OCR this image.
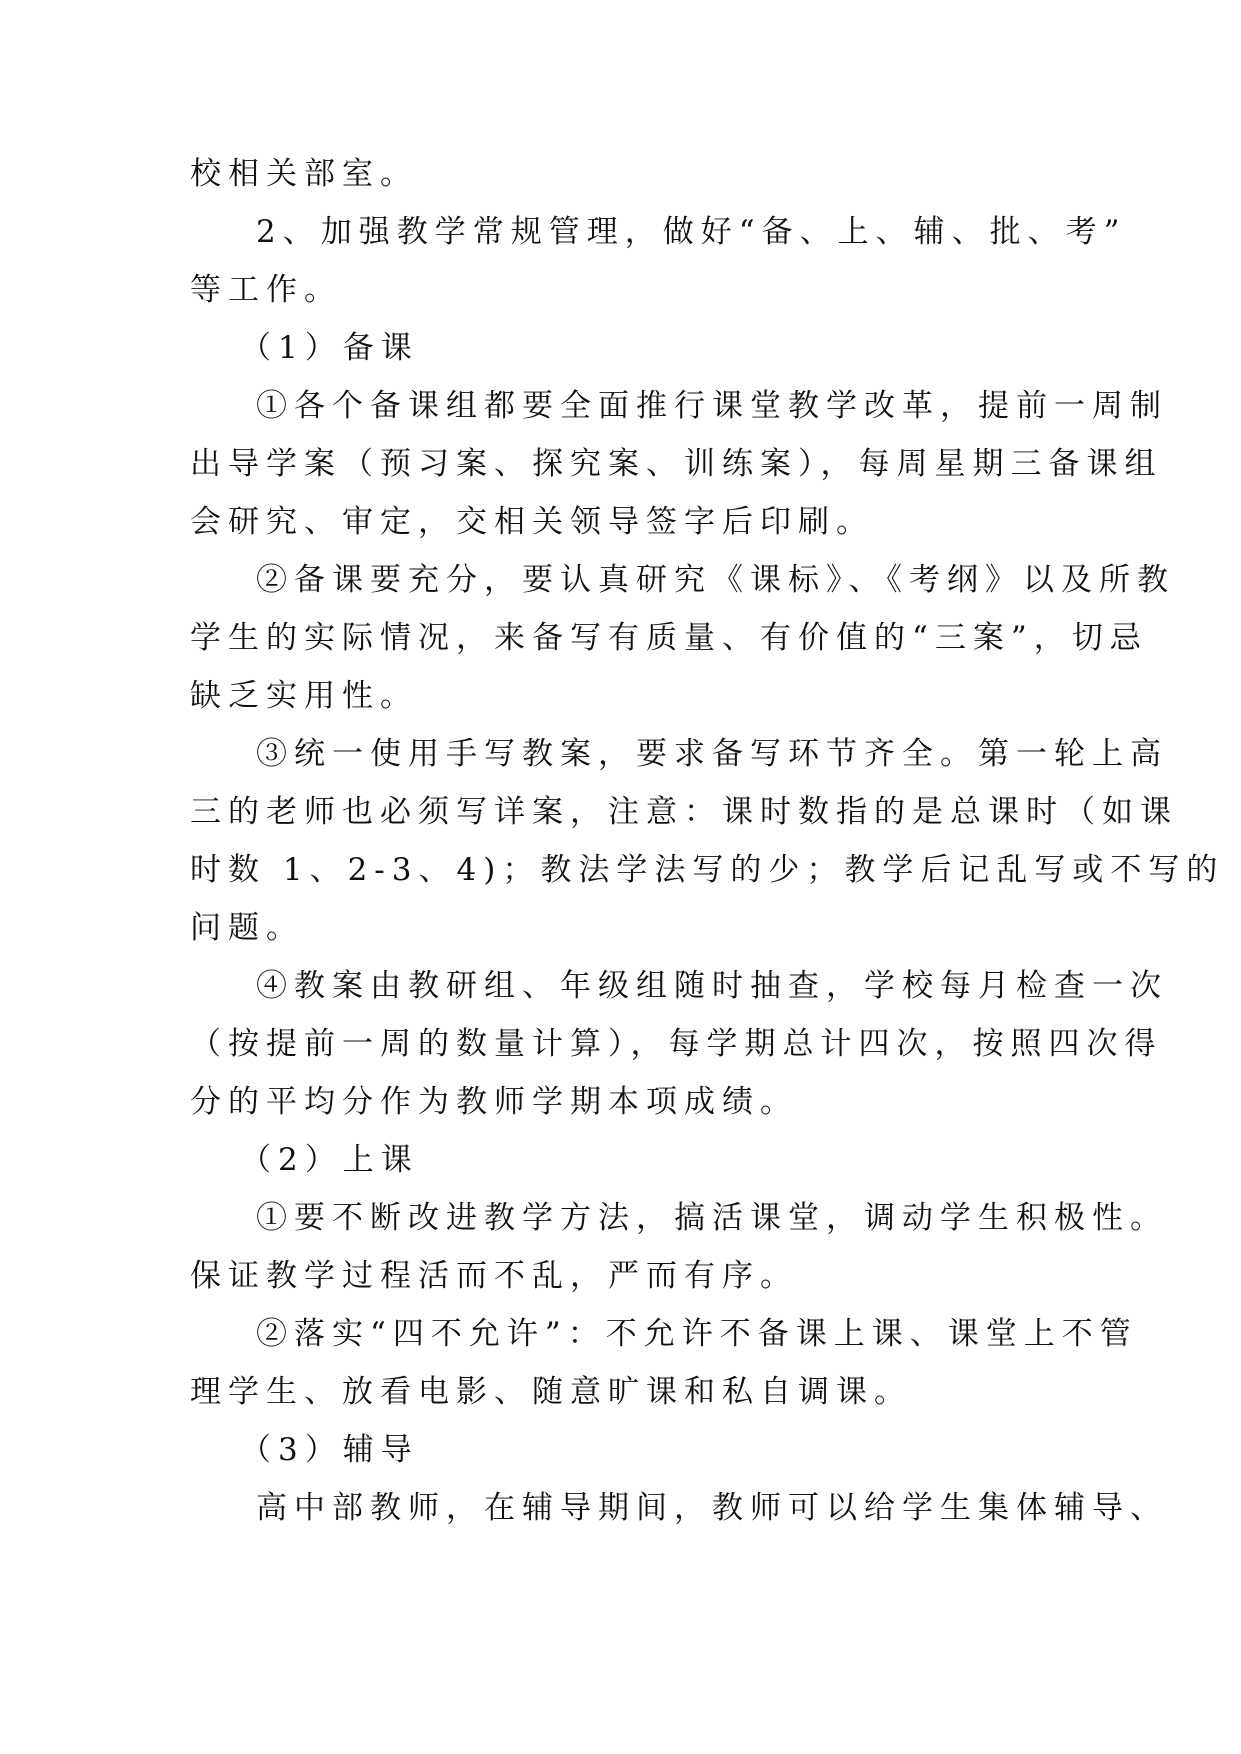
校相关部室。
2、加强教学常规管理，做好“备、上、辅、批、考”
等工作。
（1）备课
①各个备课组都要全面推行课堂教学改革，提前一周制
出导学案（预习案、探究案、训练案），每周星期三备课组
会研究、审定，交相关领导签字后印刷。
②备课要充分，要认真研究《课标》、《考纲》以及所教
学生的实际情况，来备写有质量、有价值的“三案”，切忌
缺乏实用性。
③统一使用手写教案，要求备写环节齐全。第一轮上高
三的老师也必须写详案，注意：课时数指的是总课时（如课
时数 1、2-3、4)；教法学法写的少；教学后记乱写或不写的
问题。
④教案由教研组、年级组随时抽查，学校每月检查一次
（按提前一周的数量计算），每学期总计四次，按照四次得
分的平均分作为教师学期本项成绩。
（2）上课
①要不断改进教学方法，搞活课堂，调动学生积极性。
保证教学过程活而不乱，严而有序。
②落实“四不允许”：不允许不备课上课、课堂上不管
理学生、放看电影、随意旷课和私自调课。
（3）辅导
高中部教师，在辅导期间，教师可以给学生集体辅导、
